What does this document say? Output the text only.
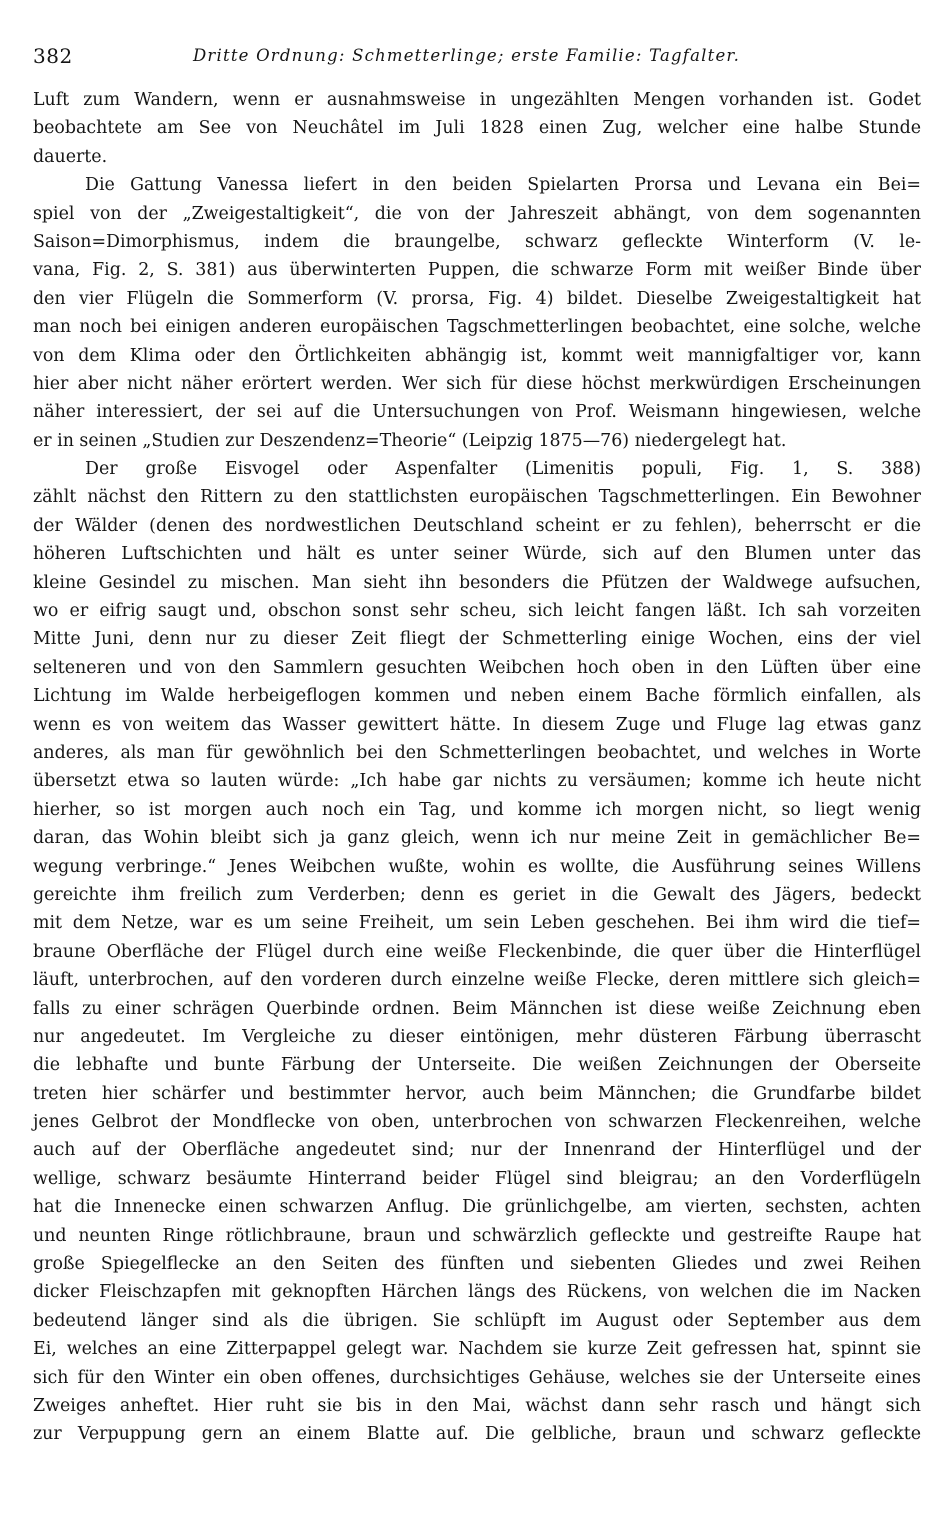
382	Dritte Ordnung: Schmetterlinge; erste Familie: Tagfalter.
Luft zum Wandern, wenn er ausnahmsweise in ungezählten Mengen vorhanden ist. Godet
beobachtete am See von Neuchâtel im Juli 1828 einen Zug, welcher eine halbe Stunde
dauerte.
Die Gattung Vanessa liefert in den beiden Spielarten Prorsa und Levana ein Bei=
spiel von der „Zweigestaltigkeit“, die von der Jahreszeit abhängt, von dem sogenannten
Saison=Dimorphismus, indem die braungelbe, schwarz gefleckte Winterform (V. le-
vana, Fig. 2, S. 381) aus überwinterten Puppen, die schwarze Form mit weißer Binde über
den vier Flügeln die Sommerform (V. prorsa, Fig. 4) bildet. Dieselbe Zweigestaltigkeit hat
man noch bei einigen anderen europäischen Tagschmetterlingen beobachtet, eine solche, welche
von dem Klima oder den Örtlichkeiten abhängig ist, kommt weit mannigfaltiger vor, kann
hier aber nicht näher erörtert werden. Wer sich für diese höchst merkwürdigen Erscheinungen
näher interessiert, der sei auf die Untersuchungen von Prof. Weismann hingewiesen, welche
er in seinen „Studien zur Deszendenz=Theorie“ (Leipzig 1875—76) niedergelegt hat.
Der große Eisvogel oder Aspenfalter (Limenitis populi, Fig. 1, S. 388)
zählt nächst den Rittern zu den stattlichsten europäischen Tagschmetterlingen. Ein Bewohner
der Wälder (denen des nordwestlichen Deutschland scheint er zu fehlen), beherrscht er die
höheren Luftschichten und hält es unter seiner Würde, sich auf den Blumen unter das
kleine Gesindel zu mischen. Man sieht ihn besonders die Pfützen der Waldwege aufsuchen,
wo er eifrig saugt und, obschon sonst sehr scheu, sich leicht fangen läßt. Ich sah vorzeiten
Mitte Juni, denn nur zu dieser Zeit fliegt der Schmetterling einige Wochen, eins der viel
selteneren und von den Sammlern gesuchten Weibchen hoch oben in den Lüften über eine
Lichtung im Walde herbeigeflogen kommen und neben einem Bache förmlich einfallen, als
wenn es von weitem das Wasser gewittert hätte. In diesem Zuge und Fluge lag etwas ganz
anderes, als man für gewöhnlich bei den Schmetterlingen beobachtet, und welches in Worte
übersetzt etwa so lauten würde: „Ich habe gar nichts zu versäumen; komme ich heute nicht
hierher, so ist morgen auch noch ein Tag, und komme ich morgen nicht, so liegt wenig
daran, das Wohin bleibt sich ja ganz gleich, wenn ich nur meine Zeit in gemächlicher Be=
wegung verbringe.“ Jenes Weibchen wußte, wohin es wollte, die Ausführung seines Willens
gereichte ihm freilich zum Verderben; denn es geriet in die Gewalt des Jägers, bedeckt
mit dem Netze, war es um seine Freiheit, um sein Leben geschehen. Bei ihm wird die tief=
braune Oberfläche der Flügel durch eine weiße Fleckenbinde, die quer über die Hinterflügel
läuft, unterbrochen, auf den vorderen durch einzelne weiße Flecke, deren mittlere sich gleich=
falls zu einer schrägen Querbinde ordnen. Beim Männchen ist diese weiße Zeichnung eben
nur angedeutet. Im Vergleiche zu dieser eintönigen, mehr düsteren Färbung überrascht
die lebhafte und bunte Färbung der Unterseite. Die weißen Zeichnungen der Oberseite
treten hier schärfer und bestimmter hervor, auch beim Männchen; die Grundfarbe bildet
jenes Gelbrot der Mondflecke von oben, unterbrochen von schwarzen Fleckenreihen, welche
auch auf der Oberfläche angedeutet sind; nur der Innenrand der Hinterflügel und der
wellige, schwarz besäumte Hinterrand beider Flügel sind bleigrau; an den Vorderflügeln
hat die Innenecke einen schwarzen Anflug. Die grünlichgelbe, am vierten, sechsten, achten
und neunten Ringe rötlichbraune, braun und schwärzlich gefleckte und gestreifte Raupe hat
große Spiegelflecke an den Seiten des fünften und siebenten Gliedes und zwei Reihen
dicker Fleischzapfen mit geknopften Härchen längs des Rückens, von welchen die im Nacken
bedeutend länger sind als die übrigen. Sie schlüpft im August oder September aus dem
Ei, welches an eine Zitterpappel gelegt war. Nachdem sie kurze Zeit gefressen hat, spinnt sie
sich für den Winter ein oben offenes, durchsichtiges Gehäuse, welches sie der Unterseite eines
Zweiges anheftet. Hier ruht sie bis in den Mai, wächst dann sehr rasch und hängt sich
zur Verpuppung gern an einem Blatte auf. Die gelbliche, braun und schwarz gefleckte
